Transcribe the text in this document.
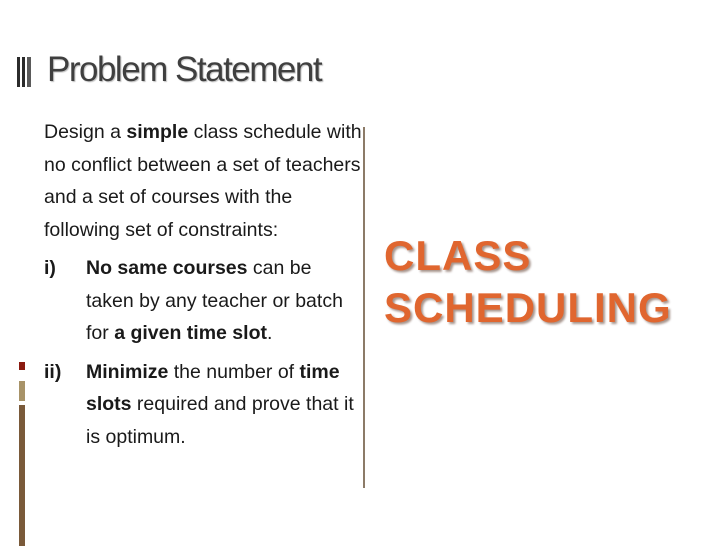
Problem Statement

Design a simple class schedule with no conflict between a set of teachers and a set of courses with the following set of constraints:

i)	No same courses can be taken by any teacher or batch for a given time slot.
ii)	Minimize the number of time slots required and prove that it is optimum.
CLASS
SCHEDULING
